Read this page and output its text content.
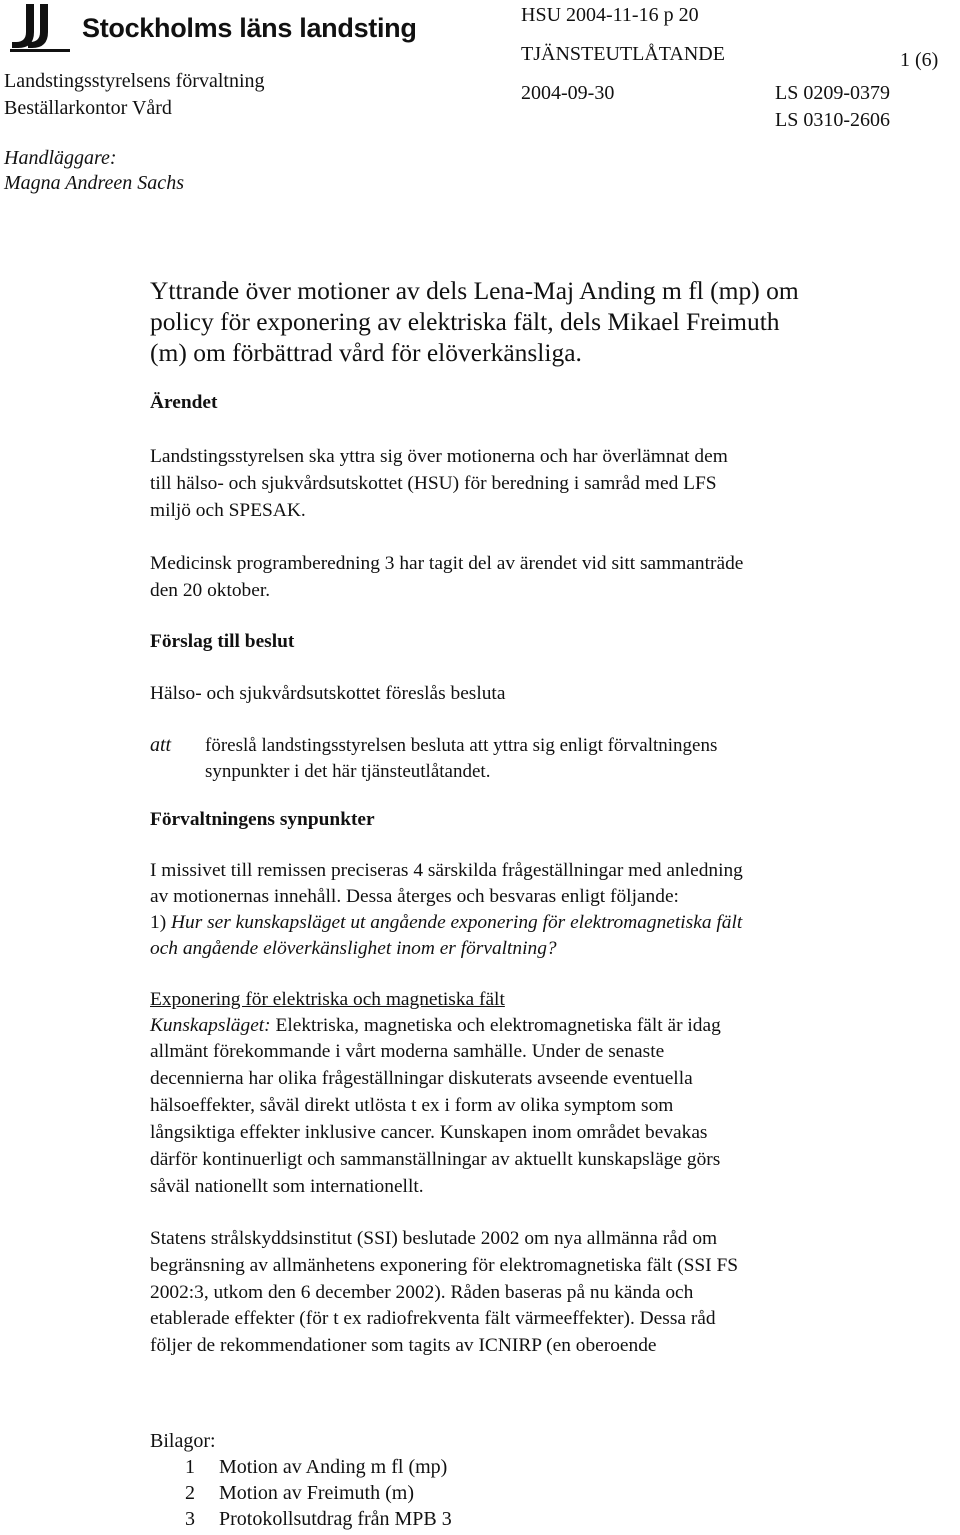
Stockholms läns landsting
Landstingsstyrelsens förvaltning
Beställarkontor Vård
Handläggare:
Magna Andreen Sachs
HSU 2004-11-16 p 20
TJÄNSTEUTLÅTANDE	1 (6)
2004-09-30	LS 0209-0379
LS 0310-2606
Yttrande över motioner av dels Lena-Maj Anding m fl (mp) om
policy för exponering av elektriska fält, dels Mikael Freimuth
(m) om förbättrad vård för elöverkänsliga.
Ärendet
Landstingsstyrelsen ska yttra sig över motionerna och har överlämnat dem
till hälso- och sjukvårdsutskottet (HSU) för beredning i samråd med LFS
miljö och SPESAK.
Medicinsk programberedning 3 har tagit del av ärendet vid sitt sammanträde
den 20 oktober.
Förslag till beslut
Hälso- och sjukvårdsutskottet föreslås besluta
att föreslå landstingsstyrelsen besluta att yttra sig enligt förvaltningens
synpunkter i det här tjänsteutlåtandet.
Förvaltningens synpunkter
I missivet till remissen preciseras 4 särskilda frågeställningar med anledning
av motionernas innehåll. Dessa återges och besvaras enligt följande:
1) Hur ser kunskapsläget ut angående exponering för elektromagnetiska fält
och angående elöverkänslighet inom er förvaltning?
Exponering för elektriska och magnetiska fält
Kunskapsläget: Elektriska, magnetiska och elektromagnetiska fält är idag
allmänt förekommande i vårt moderna samhälle. Under de senaste
decennierna har olika frågeställningar diskuterats avseende eventuella
hälsoeffekter, såväl direkt utlösta t ex i form av olika symptom som
långsiktiga effekter inklusive cancer. Kunskapen inom området bevakas
därför kontinuerligt och sammanställningar av aktuellt kunskapsläge görs
såväl nationellt som internationellt.
Statens strålskyddsinstitut (SSI) beslutade 2002 om nya allmänna råd om
begränsning av allmänhetens exponering för elektromagnetiska fält (SSI FS
2002:3, utkom den 6 december 2002). Råden baseras på nu kända och
etablerade effekter (för t ex radiofrekventa fält värmeeffekter). Dessa råd
följer de rekommendationer som tagits av ICNIRP (en oberoende
Bilagor:
1 Motion av Anding m fl (mp)
2 Motion av Freimuth (m)
3 Protokollsutdrag från MPB 3
